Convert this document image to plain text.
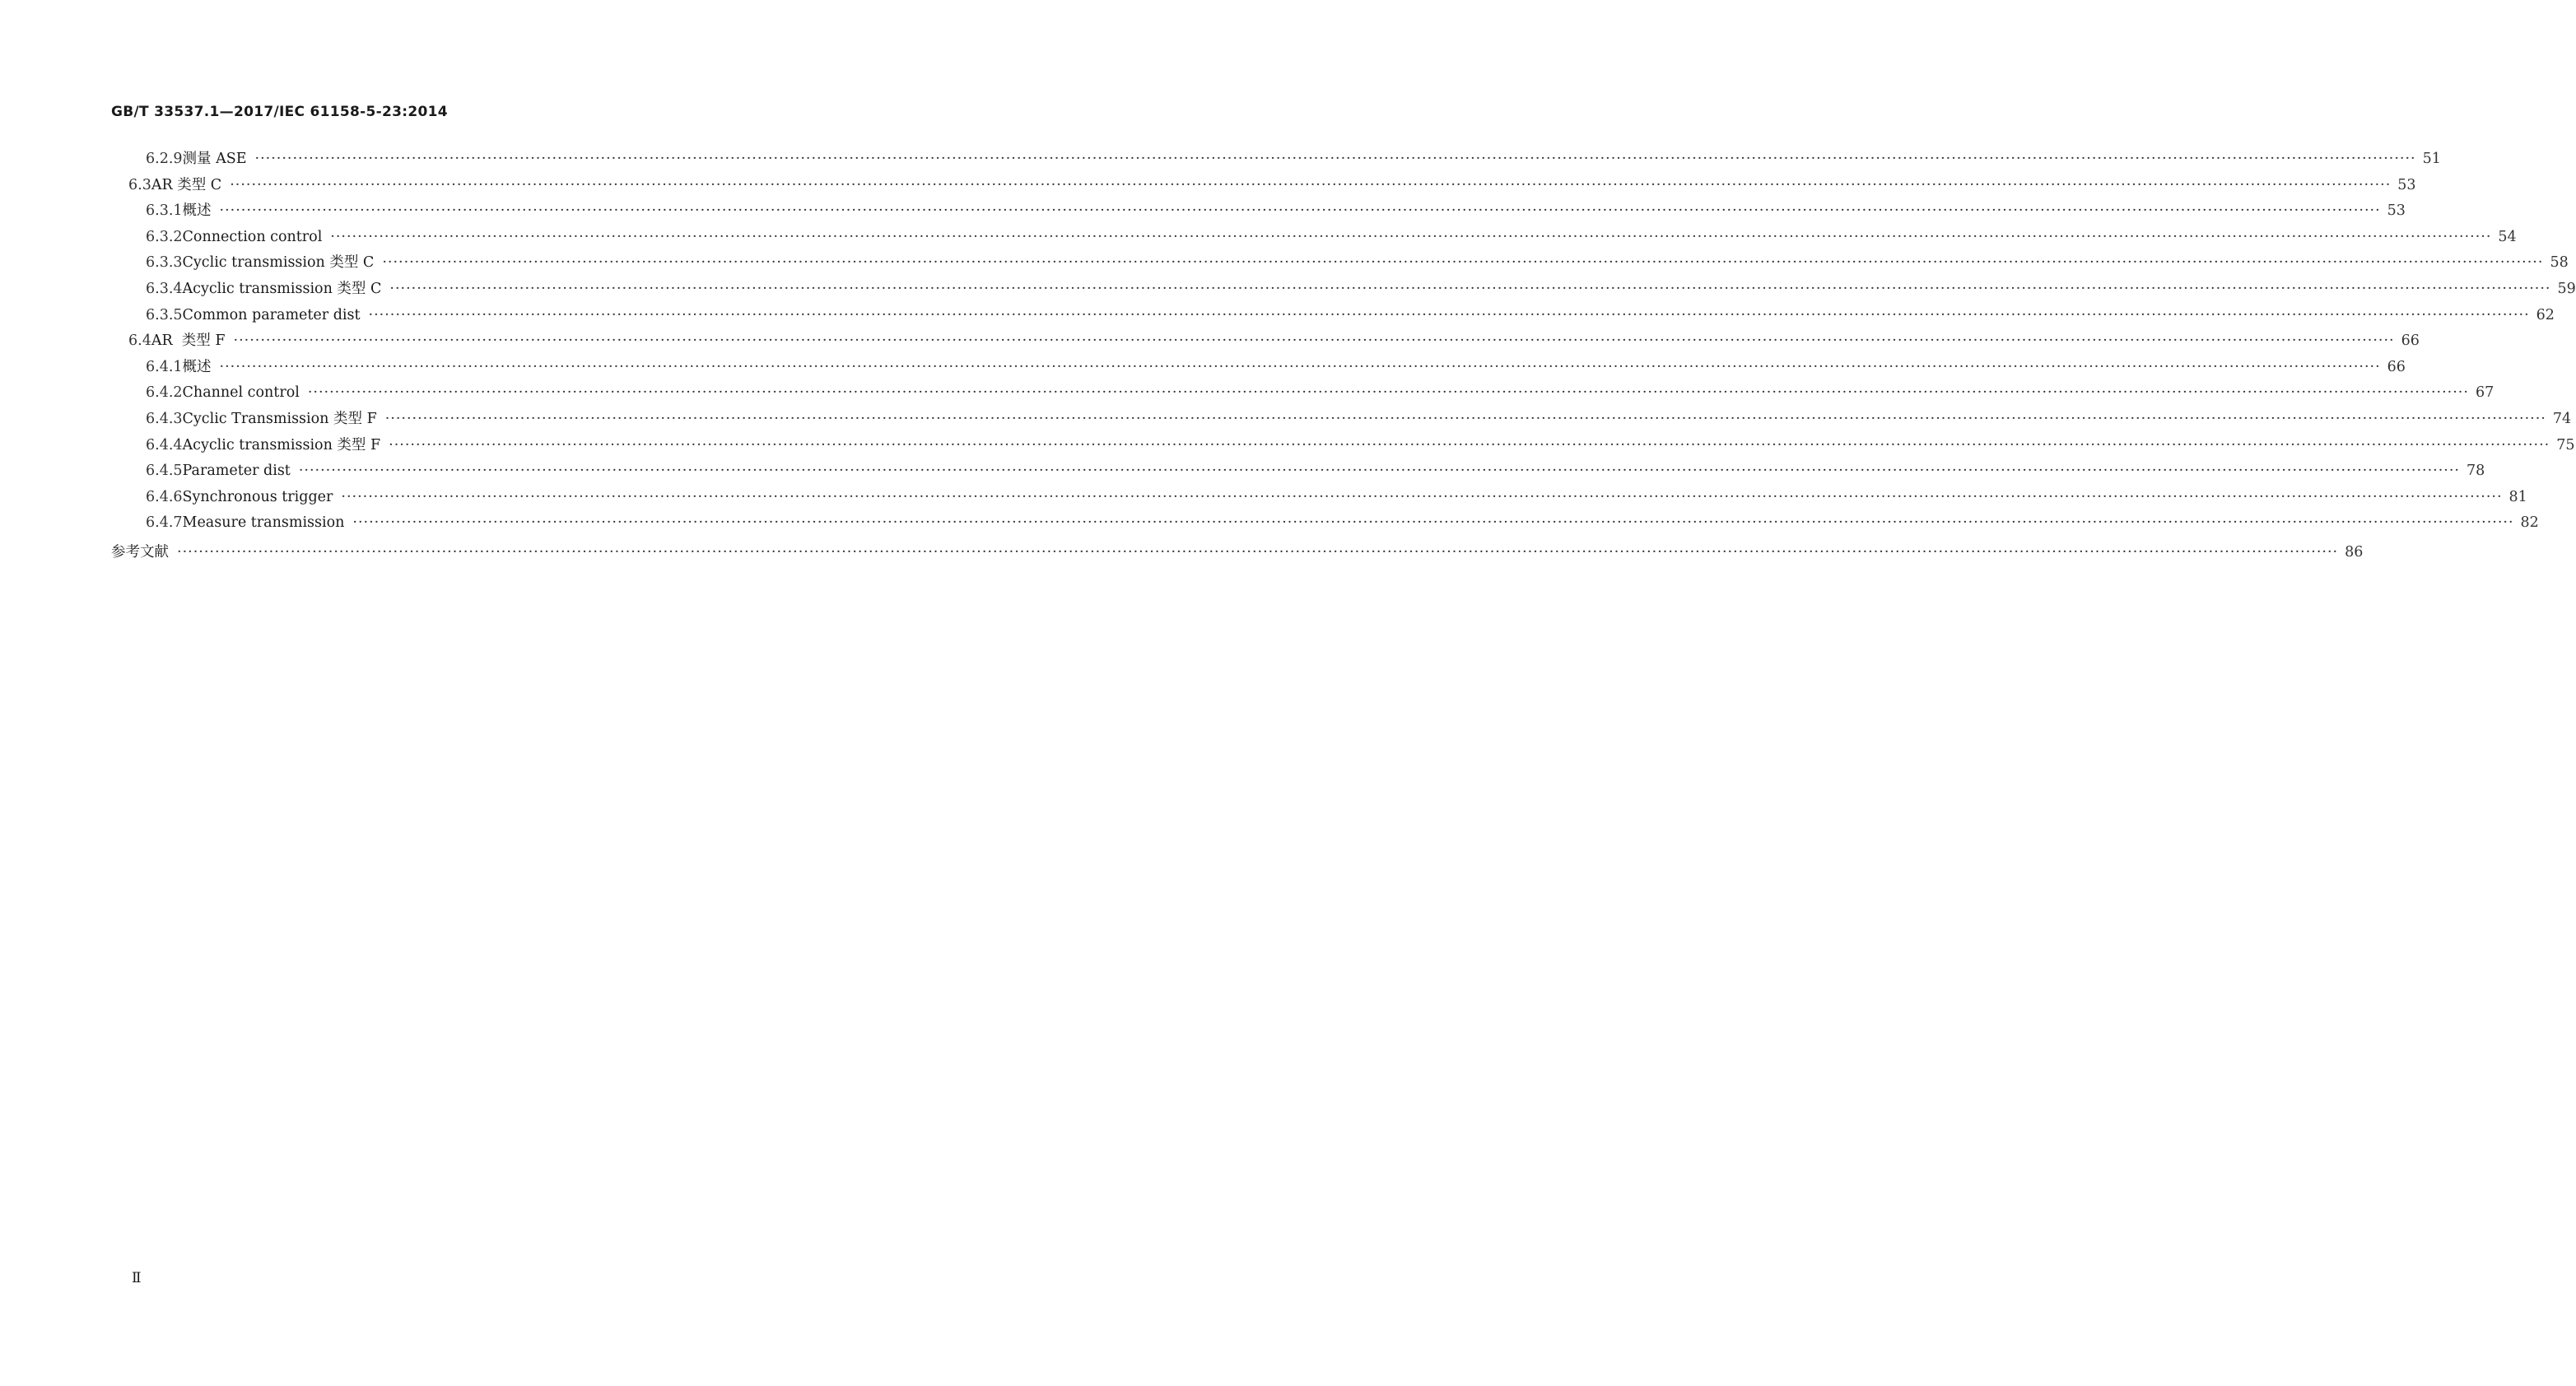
GB/T 33537.1—2017/IEC 61158-5-23:2014
6.2.9 测量 ASE ················································································································································································································································································································································································································ 51
6.3 AR 类型 C ················································································································································································································································································································································································································ 53
6.3.1 概述 ················································································································································································································································································································································································································ 53
6.3.2 Connection control ················································································································································································································································································································································································································ 54
6.3.3 Cyclic transmission 类型 C ················································································································································································································································································································································································································ 58
6.3.4 Acyclic transmission 类型 C ················································································································································································································································································································································································································ 59
6.3.5 Common parameter dist ················································································································································································································································································································································································································ 62
6.4 AR  类型 F ················································································································································································································································································································································································································ 66
6.4.1 概述 ················································································································································································································································································································································································································ 66
6.4.2 Channel control ················································································································································································································································································································································································································ 67
6.4.3 Cyclic Transmission 类型 F ················································································································································································································································································································································································································ 74
6.4.4 Acyclic transmission 类型 F ················································································································································································································································································································································································································ 75
6.4.5 Parameter dist ················································································································································································································································································································································································································ 78
6.4.6 Synchronous trigger ················································································································································································································································································································································································································ 81
6.4.7 Measure transmission ················································································································································································································································································································································································································ 82
参考文献 ················································································································································································································································································································································································································ 86
Ⅱ
